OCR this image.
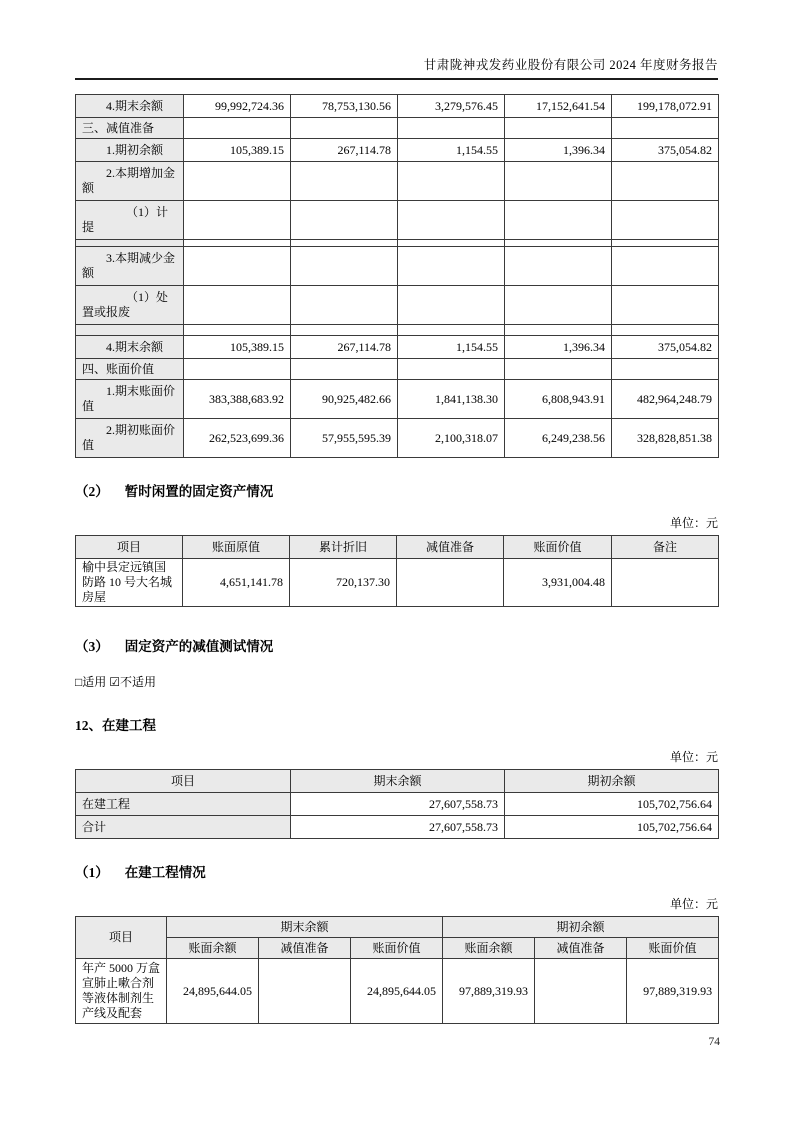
甘肃陇神戎发药业股份有限公司 2024 年度财务报告
4.期末余额	99,992,724.36	78,753,130.56	3,279,576.45	17,152,641.54	199,178,072.91
三、减值准备					
1.期初余额	105,389.15	267,114.78	1,154.55	1,396.34	375,054.82
2.本期增加金额					
（1）计提					

3.本期减少金额					
（1）处置或报废					

4.期末余额	105,389.15	267,114.78	1,154.55	1,396.34	375,054.82
四、账面价值					
1.期末账面价值	383,388,683.92	90,925,482.66	1,841,138.30	6,808,943.91	482,964,248.79
2.期初账面价值	262,523,699.36	57,955,595.39	2,100,318.07	6,249,238.56	328,828,851.38
（2） 暂时闲置的固定资产情况
单位：元
项目	账面原值	累计折旧	减值准备	账面价值	备注
榆中县定远镇国防路 10 号大名城房屋	4,651,141.78	720,137.30		3,931,004.48	
（3） 固定资产的减值测试情况
□适用 ☑不适用
12、在建工程
单位：元
项目	期末余额	期初余额
在建工程	27,607,558.73	105,702,756.64
合计	27,607,558.73	105,702,756.64
（1） 在建工程情况
单位：元
项目	期末余额			期初余额		
	账面余额	减值准备	账面价值	账面余额	减值准备	账面价值
年产 5000 万盒宣肺止嗽合剂等液体制剂生产线及配套	24,895,644.05		24,895,644.05	97,889,319.93		97,889,319.93
74
